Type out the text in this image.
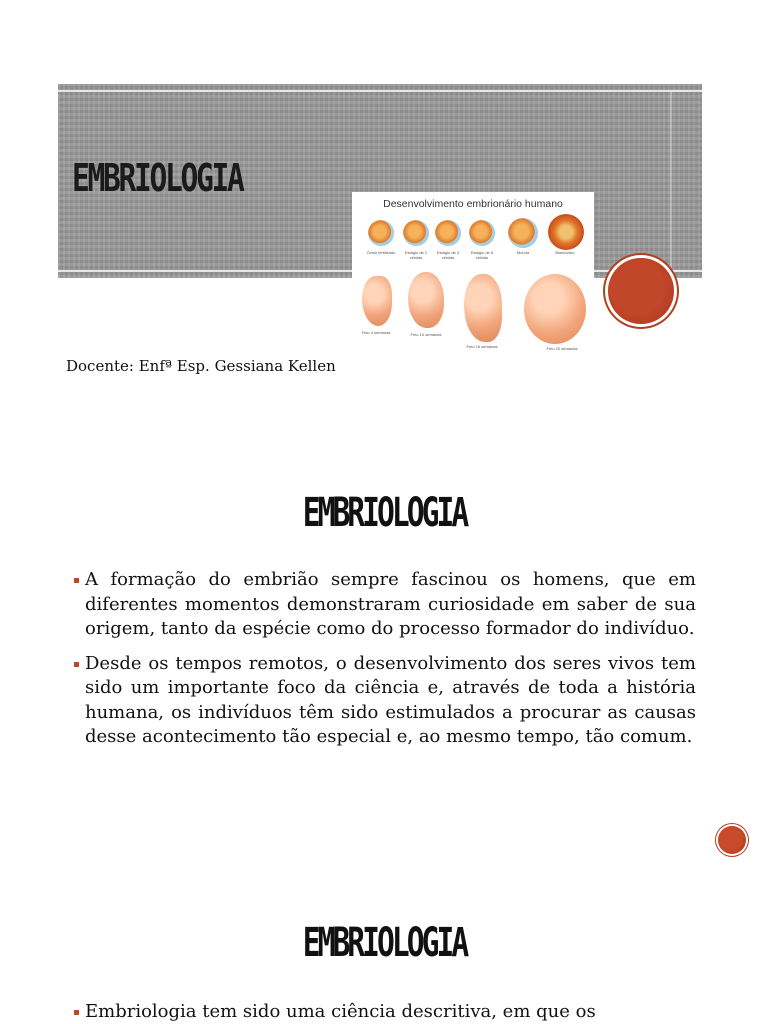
EMBRIOLOGIA
Desenvolvimento embrionário humano
Óvulo fertilizado	Estágio de 2 células
Estágio de 4 células
Estágio de 8 células
Mórula	Blastocisto
Feto 4 semanas	Feto 10 semanas
Feto 16 semanas	Feto 20 semanas

Docente: Enfª Esp. Gessiana Kellen

EMBRIOLOGIA
A formação do embrião sempre fascinou os homens, que em diferentes momentos demonstraram curiosidade em saber de sua origem, tanto da espécie como do processo formador do indivíduo.
Desde os tempos remotos, o desenvolvimento dos seres vivos tem sido um importante foco da ciência e, através de toda a história humana, os indivíduos têm sido estimulados a procurar as causas desse acontecimento tão especial e, ao mesmo tempo, tão comum.
EMBRIOLOGIA
Embriologia tem sido uma ciência descritiva, em que os
